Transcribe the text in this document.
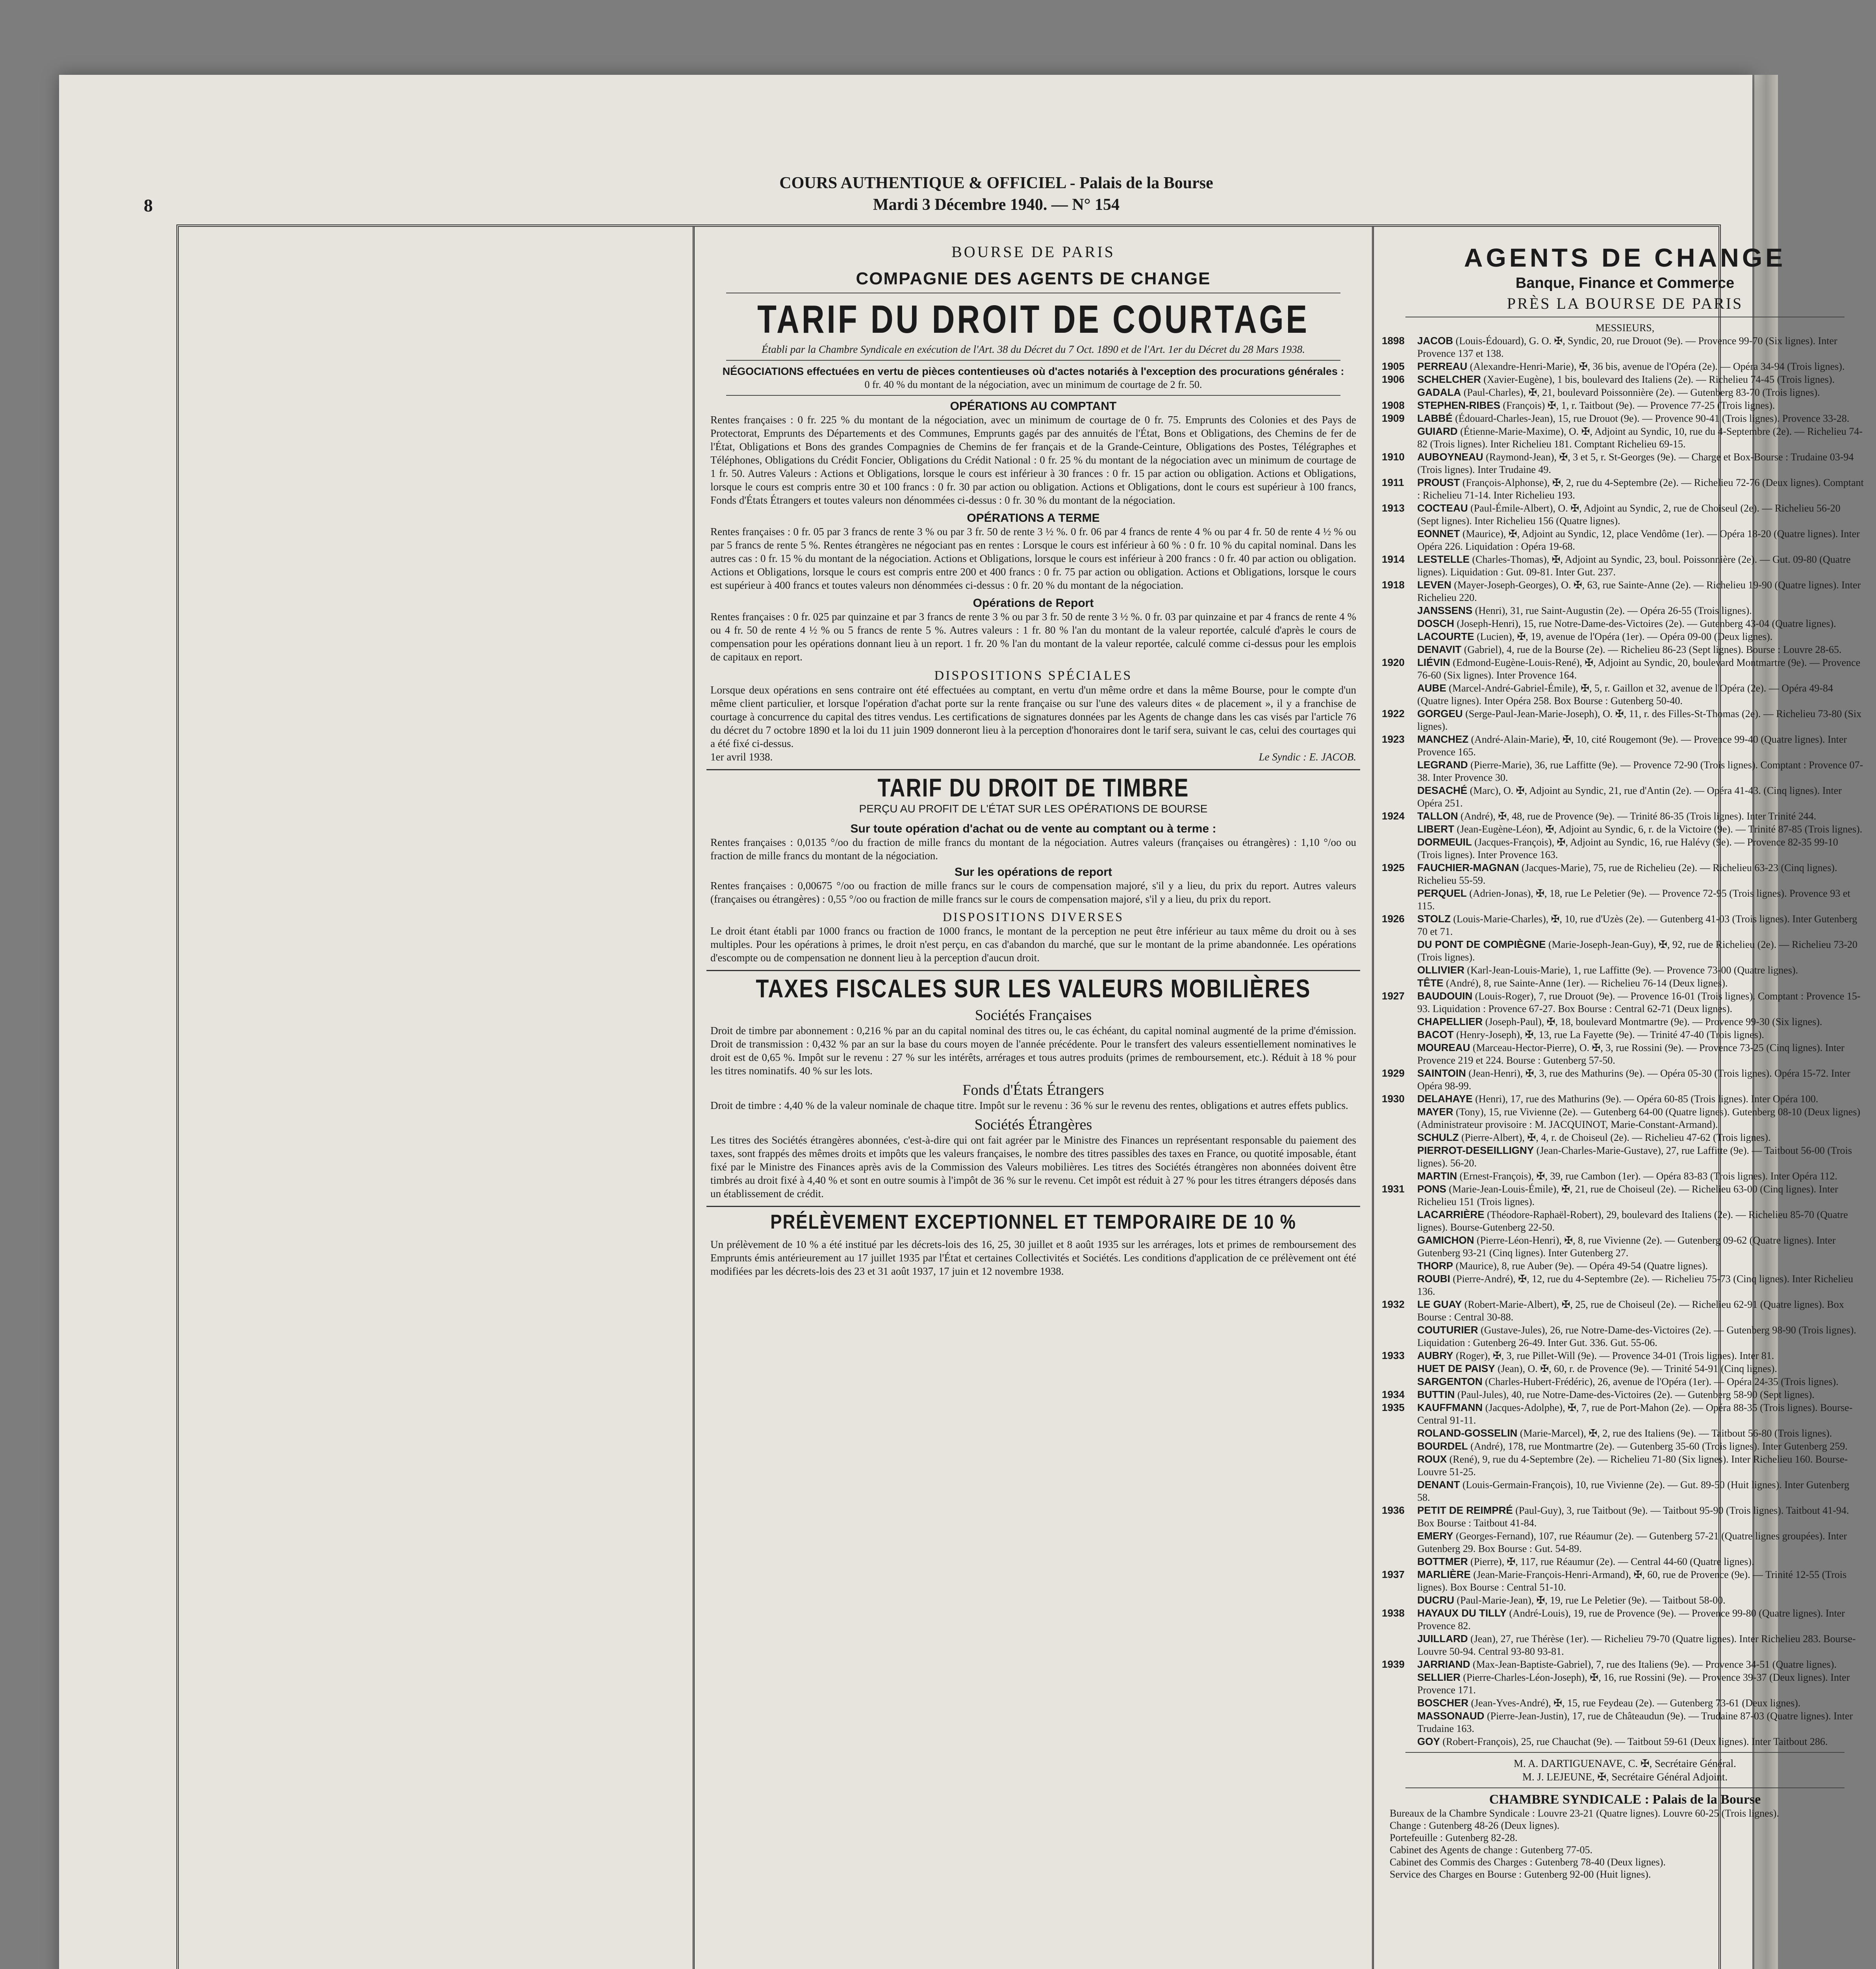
8
COURS AUTHENTIQUE & OFFICIEL - Palais de la Bourse
Mardi 3 Décembre 1940. — N° 154
BOURSE DE PARIS
COMPAGNIE DES AGENTS DE CHANGE
TARIF DU DROIT DE COURTAGE
Établi par la Chambre Syndicale en exécution de l'Art. 38 du Décret du 7 Oct. 1890 et de l'Art. 1er du Décret du 28 Mars 1938.
NÉGOCIATIONS effectuées en vertu de pièces contentieuses où d'actes notariés à l'exception des procurations générales :
0 fr. 40 % du montant de la négociation, avec un minimum de courtage de 2 fr. 50.
OPÉRATIONS AU COMPTANT
Rentes françaises : 0 fr. 225 % du montant de la négociation, avec un minimum de courtage de 0 fr. 75. Emprunts des Colonies et des Pays de Protectorat, Emprunts des Départements et des Communes, Emprunts gagés par des annuités de l'État, Bons et Obligations, des Chemins de fer de l'État, Obligations et Bons des grandes Compagnies de Chemins de fer français et de la Grande-Ceinture, Obligations des Postes, Télégraphes et Téléphones, Obligations du Crédit Foncier, Obligations du Crédit National : 0 fr. 25 % du montant de la négociation avec un minimum de courtage de 1 fr. 50. Autres Valeurs : Actions et Obligations, lorsque le cours est inférieur à 30 frances : 0 fr. 15 par action ou obligation. Actions et Obligations, lorsque le cours est compris entre 30 et 100 francs : 0 fr. 30 par action ou obligation. Actions et Obligations, dont le cours est supérieur à 100 francs, Fonds d'États Étrangers et toutes valeurs non dénommées ci-dessus : 0 fr. 30 % du montant de la négociation.
OPÉRATIONS A TERME
Rentes françaises : 0 fr. 05 par 3 francs de rente 3 % ou par 3 fr. 50 de rente 3 ½ %. 0 fr. 06 par 4 francs de rente 4 % ou par 4 fr. 50 de rente 4 ½ % ou par 5 francs de rente 5 %. Rentes étrangères ne négociant pas en rentes : Lorsque le cours est inférieur à 60 % : 0 fr. 10 % du capital nominal. Dans les autres cas : 0 fr. 15 % du montant de la négociation. Actions et Obligations, lorsque le cours est inférieur à 200 francs : 0 fr. 40 par action ou obligation. Actions et Obligations, lorsque le cours est compris entre 200 et 400 francs : 0 fr. 75 par action ou obligation. Actions et Obligations, lorsque le cours est supérieur à 400 francs et toutes valeurs non dénommées ci-dessus : 0 fr. 20 % du montant de la négociation.
Opérations de Report
Rentes françaises : 0 fr. 025 par quinzaine et par 3 francs de rente 3 % ou par 3 fr. 50 de rente 3 ½ %. 0 fr. 03 par quinzaine et par 4 francs de rente 4 % ou 4 fr. 50 de rente 4 ½ % ou 5 francs de rente 5 %. Autres valeurs : 1 fr. 80 % l'an du montant de la valeur reportée, calculé d'après le cours de compensation pour les opérations donnant lieu à un report. 1 fr. 20 % l'an du montant de la valeur reportée, calculé comme ci-dessus pour les emplois de capitaux en report.
DISPOSITIONS SPÉCIALES
Lorsque deux opérations en sens contraire ont été effectuées au comptant, en vertu d'un même ordre et dans la même Bourse, pour le compte d'un même client particulier, et lorsque l'opération d'achat porte sur la rente française ou sur l'une des valeurs dites « de placement », il y a franchise de courtage à concurrence du capital des titres vendus. Les certifications de signatures données par les Agents de change dans les cas visés par l'article 76 du décret du 7 octobre 1890 et la loi du 11 juin 1909 donneront lieu à la perception d'honoraires dont le tarif sera, suivant le cas, celui des courtages qui a été fixé ci-dessus.
1er avril 1938.	Le Syndic : E. JACOB.
TARIF DU DROIT DE TIMBRE
PERÇU AU PROFIT DE L'ÉTAT SUR LES OPÉRATIONS DE BOURSE
Sur toute opération d'achat ou de vente au comptant ou à terme :
Rentes françaises : 0,0135 °/oo du fraction de mille francs du montant de la négociation. Autres valeurs (françaises ou étrangères) : 1,10 °/oo ou fraction de mille francs du montant de la négociation.
Sur les opérations de report
Rentes françaises : 0,00675 °/oo ou fraction de mille francs sur le cours de compensation majoré, s'il y a lieu, du prix du report. Autres valeurs (françaises ou étrangères) : 0,55 °/oo ou fraction de mille francs sur le cours de compensation majoré, s'il y a lieu, du prix du report.
DISPOSITIONS DIVERSES
Le droit étant établi par 1000 francs ou fraction de 1000 francs, le montant de la perception ne peut être inférieur au taux même du droit ou à ses multiples. Pour les opérations à primes, le droit n'est perçu, en cas d'abandon du marché, que sur le montant de la prime abandonnée. Les opérations d'escompte ou de compensation ne donnent lieu à la perception d'aucun droit.
TAXES FISCALES SUR LES VALEURS MOBILIÈRES
Sociétés Françaises
Droit de timbre par abonnement : 0,216 % par an du capital nominal des titres ou, le cas échéant, du capital nominal augmenté de la prime d'émission. Droit de transmission : 0,432 % par an sur la base du cours moyen de l'année précédente. Pour le transfert des valeurs essentiellement nominatives le droit est de 0,65 %. Impôt sur le revenu : 27 % sur les intérêts, arrérages et tous autres produits (primes de remboursement, etc.). Réduit à 18 % pour les titres nominatifs. 40 % sur les lots.
Fonds d'États Étrangers
Droit de timbre : 4,40 % de la valeur nominale de chaque titre. Impôt sur le revenu : 36 % sur le revenu des rentes, obligations et autres effets publics.
Sociétés Étrangères
Les titres des Sociétés étrangères abonnées, c'est-à-dire qui ont fait agréer par le Ministre des Finances un représentant responsable du paiement des taxes, sont frappés des mêmes droits et impôts que les valeurs françaises, le nombre des titres passibles des taxes en France, ou quotité imposable, étant fixé par le Ministre des Finances après avis de la Commission des Valeurs mobilières. Les titres des Sociétés étrangères non abonnées doivent être timbrés au droit fixé à 4,40 % et sont en outre soumis à l'impôt de 36 % sur le revenu. Cet impôt est réduit à 27 % pour les titres étrangers déposés dans un établissement de crédit.
PRÉLÈVEMENT EXCEPTIONNEL ET TEMPORAIRE DE 10 %
Un prélèvement de 10 % a été institué par les décrets-lois des 16, 25, 30 juillet et 8 août 1935 sur les arrérages, lots et primes de remboursement des Emprunts émis antérieurement au 17 juillet 1935 par l'État et certaines Collectivités et Sociétés. Les conditions d'application de ce prélèvement ont été modifiées par les décrets-lois des 23 et 31 août 1937, 17 juin et 12 novembre 1938.
AGENTS DE CHANGE
Banque, Finance et Commerce
PRÈS LA BOURSE DE PARIS
MESSIEURS,
1898 JACOB (Louis-Édouard), G. O. ✠, Syndic, 20, rue Drouot (9e). — Provence 99-70 (Six lignes). Inter Provence 137 et 138.
1905 PERREAU (Alexandre-Henri-Marie), ✠, 36 bis, avenue de l'Opéra (2e). — Opéra 34-94 (Trois lignes).
1906 SCHELCHER (Xavier-Eugène), 1 bis, boulevard des Italiens (2e). — Richelieu 74-45 (Trois lignes).
GADALA (Paul-Charles), ✠, 21, boulevard Poissonnière (2e). — Gutenberg 83-70 (Trois lignes).
1908 STEPHEN-RIBES (François) ✠, 1, r. Taitbout (9e). — Provence 77-25 (Trois lignes).
1909 LABBÉ (Édouard-Charles-Jean), 15, rue Drouot (9e). — Provence 90-41 (Trois lignes). Provence 33-28.
GUIARD (Étienne-Marie-Maxime), O. ✠, Adjoint au Syndic, 10, rue du 4-Septembre (2e). — Richelieu 74-82 (Trois lignes). Inter Richelieu 181. Comptant Richelieu 69-15.
1910 AUBOYNEAU (Raymond-Jean), ✠, 3 et 5, r. St-Georges (9e). — Charge et Box-Bourse : Trudaine 03-94 (Trois lignes). Inter Trudaine 49.
1911 PROUST (François-Alphonse), ✠, 2, rue du 4-Septembre (2e). — Richelieu 72-76 (Deux lignes). Comptant : Richelieu 71-14. Inter Richelieu 193.
1913 COCTEAU (Paul-Émile-Albert), O. ✠, Adjoint au Syndic, 2, rue de Choiseul (2e). — Richelieu 56-20 (Sept lignes). Inter Richelieu 156 (Quatre lignes).
EONNET (Maurice), ✠, Adjoint au Syndic, 12, place Vendôme (1er). — Opéra 18-20 (Quatre lignes). Inter Opéra 226. Liquidation : Opéra 19-68.
1914 LESTELLE (Charles-Thomas), ✠, Adjoint au Syndic, 23, boul. Poissonnière (2e). — Gut. 09-80 (Quatre lignes). Liquidation : Gut. 09-81. Inter Gut. 237.
1918 LEVEN (Mayer-Joseph-Georges), O. ✠, 63, rue Sainte-Anne (2e). — Richelieu 19-90 (Quatre lignes). Inter Richelieu 220.
JANSSENS (Henri), 31, rue Saint-Augustin (2e). — Opéra 26-55 (Trois lignes).
DOSCH (Joseph-Henri), 15, rue Notre-Dame-des-Victoires (2e). — Gutenberg 43-04 (Quatre lignes).
LACOURTE (Lucien), ✠, 19, avenue de l'Opéra (1er). — Opéra 09-00 (Deux lignes).
DENAVIT (Gabriel), 4, rue de la Bourse (2e). — Richelieu 86-23 (Sept lignes). Bourse : Louvre 28-65.
1920 LIÉVIN (Edmond-Eugène-Louis-René), ✠, Adjoint au Syndic, 20, boulevard Montmartre (9e). — Provence 76-60 (Six lignes). Inter Provence 164.
AUBE (Marcel-André-Gabriel-Émile), ✠, 5, r. Gaillon et 32, avenue de l'Opéra (2e). — Opéra 49-84 (Quatre lignes). Inter Opéra 258. Box Bourse : Gutenberg 50-40.
1922 GORGEU (Serge-Paul-Jean-Marie-Joseph), O. ✠, 11, r. des Filles-St-Thomas (2e). — Richelieu 73-80 (Six lignes).
1923 MANCHEZ (André-Alain-Marie), ✠, 10, cité Rougemont (9e). — Provence 99-40 (Quatre lignes). Inter Provence 165.
LEGRAND (Pierre-Marie), 36, rue Laffitte (9e). — Provence 72-90 (Trois lignes). Comptant : Provence 07-38. Inter Provence 30.
DESACHÉ (Marc), O. ✠, Adjoint au Syndic, 21, rue d'Antin (2e). — Opéra 41-43. (Cinq lignes). Inter Opéra 251.
1924 TALLON (André), ✠, 48, rue de Provence (9e). — Trinité 86-35 (Trois lignes). Inter Trinité 244.
LIBERT (Jean-Eugène-Léon), ✠, Adjoint au Syndic, 6, r. de la Victoire (9e). — Trinité 87-85 (Trois lignes).
DORMEUIL (Jacques-François), ✠, Adjoint au Syndic, 16, rue Halévy (9e). — Provence 82-35 99-10 (Trois lignes). Inter Provence 163.
1925 FAUCHIER-MAGNAN (Jacques-Marie), 75, rue de Richelieu (2e). — Richelieu 63-23 (Cinq lignes). Richelieu 55-59.
PERQUEL (Adrien-Jonas), ✠, 18, rue Le Peletier (9e). — Provence 72-95 (Trois lignes). Provence 93 et 115.
1926 STOLZ (Louis-Marie-Charles), ✠, 10, rue d'Uzès (2e). — Gutenberg 41-03 (Trois lignes). Inter Gutenberg 70 et 71.
DU PONT DE COMPIÈGNE (Marie-Joseph-Jean-Guy), ✠, 92, rue de Richelieu (2e). — Richelieu 73-20 (Trois lignes).
OLLIVIER (Karl-Jean-Louis-Marie), 1, rue Laffitte (9e). — Provence 73-00 (Quatre lignes).
TÊTE (André), 8, rue Sainte-Anne (1er). — Richelieu 76-14 (Deux lignes).
1927 BAUDOUIN (Louis-Roger), 7, rue Drouot (9e). — Provence 16-01 (Trois lignes). Comptant : Provence 15-93. Liquidation : Provence 67-27. Box Bourse : Central 62-71 (Deux lignes).
CHAPELLIER (Joseph-Paul), ✠, 18, boulevard Montmartre (9e). — Provence 99-30 (Six lignes).
BACOT (Henry-Joseph), ✠, 13, rue La Fayette (9e). — Trinité 47-40 (Trois lignes).
MOUREAU (Marceau-Hector-Pierre), O. ✠, 3, rue Rossini (9e). — Provence 73-25 (Cinq lignes). Inter Provence 219 et 224. Bourse : Gutenberg 57-50.
1929 SAINTOIN (Jean-Henri), ✠, 3, rue des Mathurins (9e). — Opéra 05-30 (Trois lignes). Opéra 15-72. Inter Opéra 98-99.
1930 DELAHAYE (Henri), 17, rue des Mathurins (9e). — Opéra 60-85 (Trois lignes). Inter Opéra 100.
MAYER (Tony), 15, rue Vivienne (2e). — Gutenberg 64-00 (Quatre lignes). Gutenberg 08-10 (Deux lignes) (Administrateur provisoire : M. JACQUINOT, Marie-Constant-Armand).
SCHULZ (Pierre-Albert), ✠, 4, r. de Choiseul (2e). — Richelieu 47-62 (Trois lignes).
PIERROT-DESEILLIGNY (Jean-Charles-Marie-Gustave), 27, rue Laffitte (9e). — Taitbout 56-00 (Trois lignes). 56-20.
MARTIN (Ernest-François), ✠, 39, rue Cambon (1er). — Opéra 83-83 (Trois lignes). Inter Opéra 112.
1931 PONS (Marie-Jean-Louis-Émile), ✠, 21, rue de Choiseul (2e). — Richelieu 63-00 (Cinq lignes). Inter Richelieu 151 (Trois lignes).
LACARRIÈRE (Théodore-Raphaël-Robert), 29, boulevard des Italiens (2e). — Richelieu 85-70 (Quatre lignes). Bourse-Gutenberg 22-50.
GAMICHON (Pierre-Léon-Henri), ✠, 8, rue Vivienne (2e). — Gutenberg 09-62 (Quatre lignes). Inter Gutenberg 93-21 (Cinq lignes). Inter Gutenberg 27.
THORP (Maurice), 8, rue Auber (9e). — Opéra 49-54 (Quatre lignes).
ROUBI (Pierre-André), ✠, 12, rue du 4-Septembre (2e). — Richelieu 75-73 (Cinq lignes). Inter Richelieu 136.
1932 LE GUAY (Robert-Marie-Albert), ✠, 25, rue de Choiseul (2e). — Richelieu 62-91 (Quatre lignes). Box Bourse : Central 30-88.
COUTURIER (Gustave-Jules), 26, rue Notre-Dame-des-Victoires (2e). — Gutenberg 98-90 (Trois lignes). Liquidation : Gutenberg 26-49. Inter Gut. 336. Gut. 55-06.
1933 AUBRY (Roger), ✠, 3, rue Pillet-Will (9e). — Provence 34-01 (Trois lignes). Inter 81.
HUET DE PAISY (Jean), O. ✠, 60, r. de Provence (9e). — Trinité 54-91 (Cinq lignes).
SARGENTON (Charles-Hubert-Frédéric), 26, avenue de l'Opéra (1er). — Opéra 24-35 (Trois lignes).
1934 BUTTIN (Paul-Jules), 40, rue Notre-Dame-des-Victoires (2e). — Gutenberg 58-90 (Sept lignes).
1935 KAUFFMANN (Jacques-Adolphe), ✠, 7, rue de Port-Mahon (2e). — Opéra 88-35 (Trois lignes). Bourse-Central 91-11.
ROLAND-GOSSELIN (Marie-Marcel), ✠, 2, rue des Italiens (9e). — Taitbout 56-80 (Trois lignes).
BOURDEL (André), 178, rue Montmartre (2e). — Gutenberg 35-60 (Trois lignes). Inter Gutenberg 259.
ROUX (René), 9, rue du 4-Septembre (2e). — Richelieu 71-80 (Six lignes). Inter Richelieu 160. Bourse-Louvre 51-25.
DENANT (Louis-Germain-François), 10, rue Vivienne (2e). — Gut. 89-50 (Huit lignes). Inter Gutenberg 58.
1936 PETIT DE REIMPRÉ (Paul-Guy), 3, rue Taitbout (9e). — Taitbout 95-90 (Trois lignes). Taitbout 41-94. Box Bourse : Taitbout 41-84.
EMERY (Georges-Fernand), 107, rue Réaumur (2e). — Gutenberg 57-21 (Quatre lignes groupées). Inter Gutenberg 29. Box Bourse : Gut. 54-89.
BOTTMER (Pierre), ✠, 117, rue Réaumur (2e). — Central 44-60 (Quatre lignes).
1937 MARLIÈRE (Jean-Marie-François-Henri-Armand), ✠, 60, rue de Provence (9e). — Trinité 12-55 (Trois lignes). Box Bourse : Central 51-10.
DUCRU (Paul-Marie-Jean), ✠, 19, rue Le Peletier (9e). — Taitbout 58-00.
1938 HAYAUX DU TILLY (André-Louis), 19, rue de Provence (9e). — Provence 99-80 (Quatre lignes). Inter Provence 82.
JUILLARD (Jean), 27, rue Thérèse (1er). — Richelieu 79-70 (Quatre lignes). Inter Richelieu 283. Bourse-Louvre 50-94. Central 93-80 93-81.
1939 JARRIAND (Max-Jean-Baptiste-Gabriel), 7, rue des Italiens (9e). — Provence 34-51 (Quatre lignes).
SELLIER (Pierre-Charles-Léon-Joseph), ✠, 16, rue Rossini (9e). — Provence 39-37 (Deux lignes). Inter Provence 171.
BOSCHER (Jean-Yves-André), ✠, 15, rue Feydeau (2e). — Gutenberg 73-61 (Deux lignes).
MASSONAUD (Pierre-Jean-Justin), 17, rue de Châteaudun (9e). — Trudaine 87-03 (Quatre lignes). Inter Trudaine 163.
GOY (Robert-François), 25, rue Chauchat (9e). — Taitbout 59-61 (Deux lignes). Inter Taitbout 286.
M. A. DARTIGUENAVE, C. ✠, Secrétaire Général.
M. J. LEJEUNE, ✠, Secrétaire Général Adjoint.
CHAMBRE SYNDICALE : Palais de la Bourse
Bureaux de la Chambre Syndicale : Louvre 23-21 (Quatre lignes). Louvre 60-25 (Trois lignes).
Change : Gutenberg 48-26 (Deux lignes).
Portefeuille : Gutenberg 82-28.
Cabinet des Agents de change : Gutenberg 77-05.
Cabinet des Commis des Charges : Gutenberg 78-40 (Deux lignes).
Service des Charges en Bourse : Gutenberg 92-00 (Huit lignes).
